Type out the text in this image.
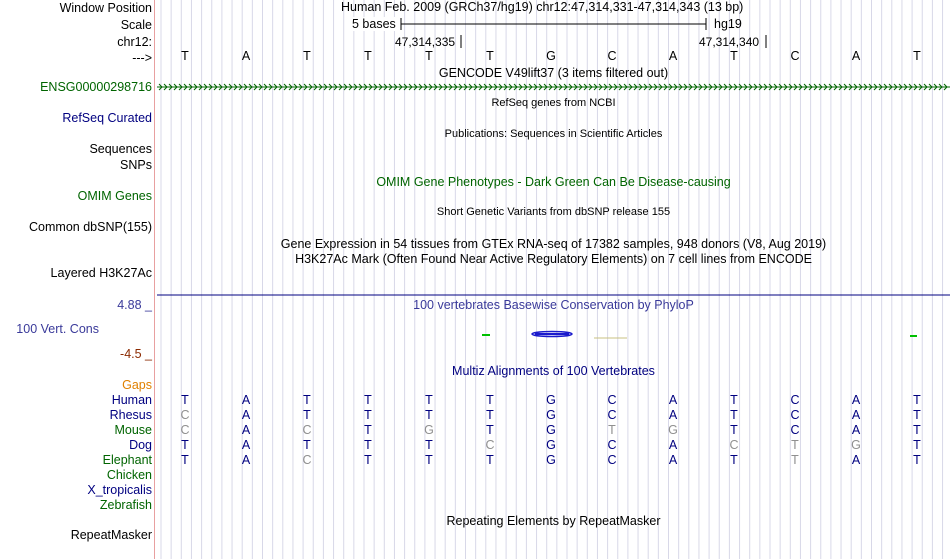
Window Position
Scale
chr12:
--->
ENSG00000298716
RefSeq Curated
Sequences
SNPs
OMIM Genes
Common dbSNP(155)
Layered H3K27Ac
4.88 _
100 Vert. Cons
-4.5 _
Gaps
Human
Rhesus
Mouse
Dog
Elephant
Chicken
X_tropicalis
Zebrafish
RepeatMasker
Human Feb. 2009 (GRCh37/hg19) chr12:47,314,331-47,314,343 (13 bp)
5 bases	hg19
47,314,335	47,314,340
T	A	T	T	T	T	G	C	A	T	C	A	T
GENCODE V49lift37 (3 items filtered out)
RefSeq genes from NCBI
Publications: Sequences in Scientific Articles
OMIM Gene Phenotypes - Dark Green Can Be Disease-causing
Short Genetic Variants from dbSNP release 155
Gene Expression in 54 tissues from GTEx RNA-seq of 17382 samples, 948 donors (V8, Aug 2019)
H3K27Ac Mark (Often Found Near Active Regulatory Elements) on 7 cell lines from ENCODE
100 vertebrates Basewise Conservation by PhyloP
Multiz Alignments of 100 Vertebrates
T	A	T	T	T	T	G	C	A	T	C	A	T
C	A	T	T	T	T	G	C	A	T	C	A	T
C	A	C	T	G	T	G	T	G	T	C	A	T
T	A	T	T	T	C	G	C	A	C	T	G	T
T	A	C	T	T	T	G	C	A	T	T	A	T
Repeating Elements by RepeatMasker
